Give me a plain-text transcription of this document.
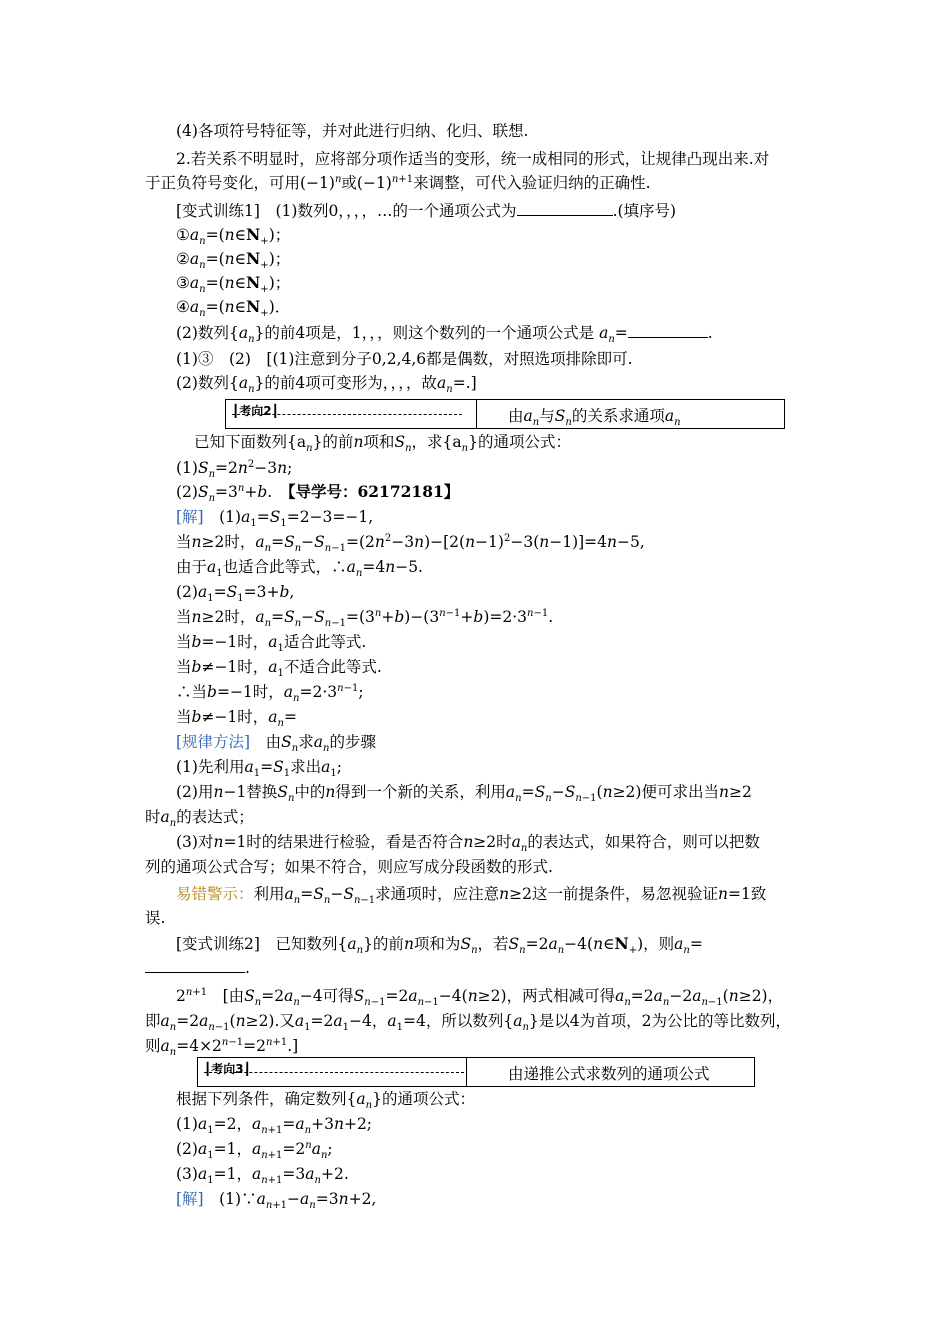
(4)各项符号特征等，并对此进行归纳、化归、联想.
2.若关系不明显时，应将部分项作适当的变形，统一成相同的形式，让规律凸现出来.对
于正负符号变化，可用$(-1)^n$或$(-1)^{n+1}$来调整，可代入验证归纳的正确性.
[变式训练1]　 (1)数列0，，，，…的一个通项公式为	.(填序号)
$①a_n=(n\in N_+)$；
$②a_n=(n\in N_+)$；
$③a_n=(n\in N_+)$；
$④a_n=(n\in N_+)$．
(2)数列$\{a_n\}$的前4项是，1，，，则这个数列的一个通项公式是 $a_n=$	.
(1)③　(2)　[(1)注意到分子0,2,4,6都是偶数，对照选项排除即可.
(2)数列$\{a_n\}$的前4项可变形为，，，，故$a_n=$.]
┃考向2┃	由$a_n$与$S_n$的关系求通项$a_n$
已知下面数列$\{a_n\}$的前n项和$S_n$，求$\{a_n\}$的通项公式：
$(1)S_n=2n^2-3n$;
$(2)S_n=3^n+b$.　【导学号：62172181】
[解]　$(1)a_1=S_1=2-3=-1$,
当n≥2时，$a_n=S_n-S_{n-1}=(2n^2-3n)-[2(n-1)^2-3(n-1)]=4n-5$,
由于$a_1$也适合此等式，$\therefore a_n=4n-5$.
$(2)a_1=S_1=3+b$,
当n≥2时，$a_n=S_n-S_{n-1}=(3^n+b)-(3^{n-1}+b)=2\cdot 3^{n-1}$.
当b=−1时，$a_1$适合此等式.
当b≠−1时，$a_1$不适合此等式.
∴当b=−1时，$a_n=2\cdot 3^{n-1}$;
当b≠−1时，$a_n=$
[规律方法]　 由$S_n$求$a_n$的步骤
(1)先利用$a_1=S_1$求出$a_1$;
(2)用n−1替换$S_n$中的n得到一个新的关系，利用$a_n=S_n-S_{n-1}(n\ge 2)$便可求出当n≥2
时$a_n$的表达式；
(3)对n=1时的结果进行检验，看是否符合n≥2时$a_n$的表达式，如果符合，则可以把数
列的通项公式合写；如果不符合，则应写成分段函数的形式.
易错警示：利用$a_n=S_n-S_{n-1}$求通项时，应注意n≥2这一前提条件，易忽视验证n=1致
误.
[变式训练2]　 已知数列$\{a_n\}$的前n项和为$S_n$，若$S_n=2a_n-4(n\in N_+)$，则$a_n=$
.
$2^{n+1}$　[由$S_n=2a_n-4$可得$S_{n-1}=2a_{n-1}-4(n\ge 2)$，两式相减可得$a_n=2a_n-2a_{n-1}(n\ge 2)$，
即$a_n=2a_{n-1}(n\ge 2)$.又$a_1=2a_1-4$，$a_1=4$，所以数列$\{a_n\}$是以4为首项，2为公比的等比数列，
则$a_n=4\times 2^{n-1}=2^{n+1}$.]
┃考向3┃	由递推公式求数列的通项公式
根据下列条件，确定数列$\{a_n\}$的通项公式：
$(1)a_1=2$，$a_{n+1}=a_n+3n+2$;
$(2)a_1=1$，$a_{n+1}=2^na_n$;
$(3)a_1=1$，$a_{n+1}=3a_n+2$.
[解]　$(1)\because a_{n+1}-a_n=3n+2$,
